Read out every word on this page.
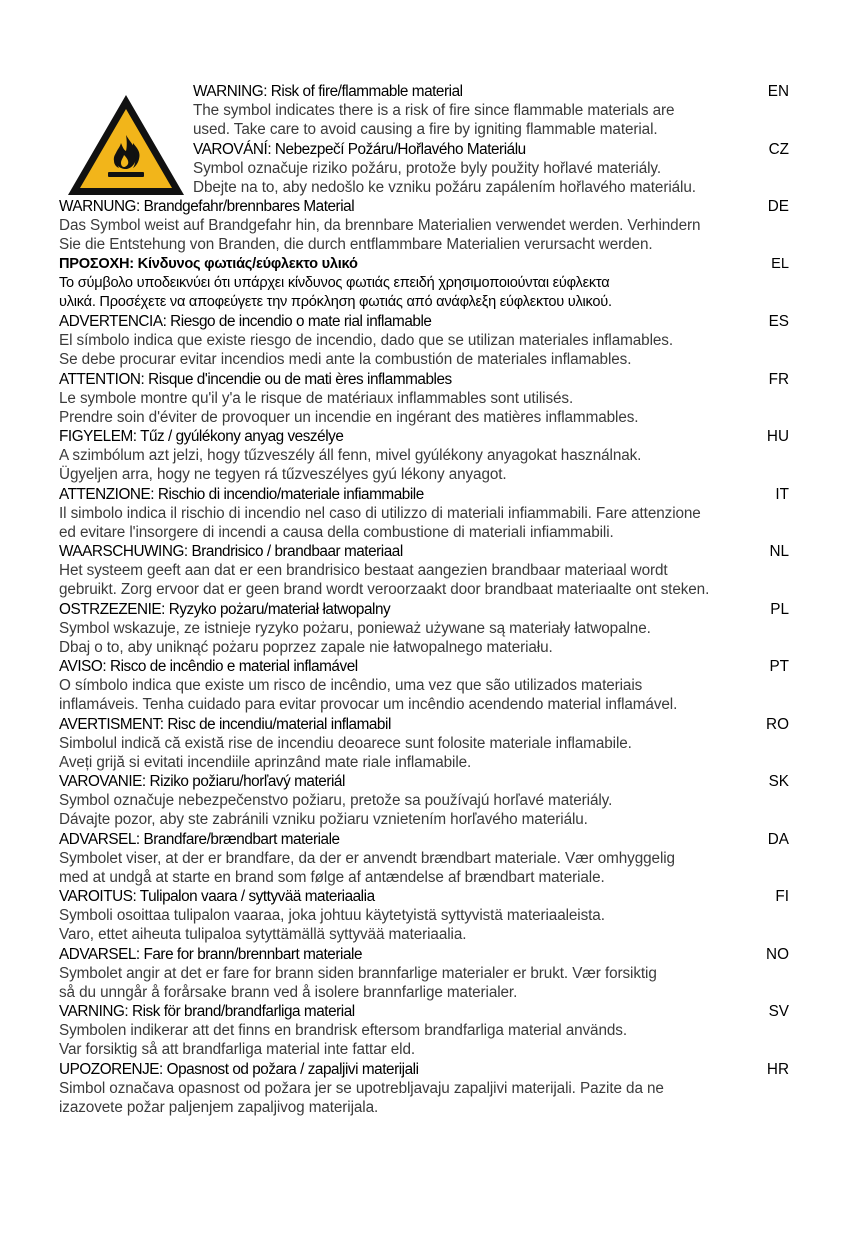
WARNING: Risk of fire/flammable material	EN
The symbol indicates there is a risk of fire since flammable materials are
used. Take care to avoid causing a fire by igniting flammable material.
VAROVÁNÍ: Nebezpečí Požáru/Hořlavého Materiálu	CZ
Symbol označuje riziko požáru, protože byly použity hořlavé materiály.
Dbejte na to, aby nedošlo ke vzniku požáru zapálením hořlavého materiálu.
WARNUNG: Brandgefahr/brennbares Material	DE
Das Symbol weist auf Brandgefahr hin, da brennbare Materialien verwendet werden. Verhindern
Sie die Entstehung von Branden, die durch entflammbare Materialien verursacht werden.
ΠΡΟΣΟΧΗ: Κίνδυνος φωτιάς/εύφλεκτο υλικό	EL
Το σύμβολο υποδεικνύει ότι υπάρχει κίνδυνος φωτιάς επειδή χρησιμοποιούνται εύφλεκτα
υλικά. Προσέχετε να αποφεύγετε την πρόκληση φωτιάς από ανάφλεξη εύφλεκτου υλικού.
ADVERTENCIA: Riesgo de incendio o mate rial inflamable	ES
El símbolo indica que existe riesgo de incendio, dado que se utilizan materiales inflamables.
Se debe procurar evitar incendios medi ante la combustión de materiales inflamables.
ATTENTION: Risque d'incendie ou de mati ères inflammables	FR
Le symbole montre qu'il y'a le risque de matériaux inflammables sont utilisés.
Prendre soin d'éviter de provoquer un incendie en ingérant des matières inflammables.
FIGYELEM: Tűz / gyúlékony anyag veszélye	HU
A szimbólum azt jelzi, hogy tűzveszély áll fenn, mivel gyúlékony anyagokat használnak.
Ügyeljen arra, hogy ne tegyen rá tűzveszélyes gyú lékony anyagot.
ATTENZIONE: Rischio di incendio/materiale infiammabile	IT
Il simbolo indica il rischio di incendio nel caso di utilizzo di materiali infiammabili. Fare attenzione
ed evitare l'insorgere di incendi a causa della combustione di materiali infiammabili.
WAARSCHUWING: Brandrisico / brandbaar materiaal	NL
Het systeem geeft aan dat er een brandrisico bestaat aangezien brandbaar materiaal wordt
gebruikt. Zorg ervoor dat er geen brand wordt veroorzaakt door brandbaat materiaalte ont steken.
OSTRZEZENIE: Ryzyko pożaru/materiał łatwopalny	PL
Symbol wskazuje, ze istnieje ryzyko pożaru, ponieważ używane są materiały łatwopalne.
Dbaj o to, aby uniknąć pożaru poprzez zapale nie łatwopalnego materiału.
AVISO: Risco de incêndio e material inflamável	PT
O símbolo indica que existe um risco de incêndio, uma vez que são utilizados materiais
inflamáveis. Tenha cuidado para evitar provocar um incêndio acendendo material inflamável.
AVERTISMENT: Risc de incendiu/material inflamabil	RO
Simbolul indică că există rise de incendiu deoarece sunt folosite materiale inflamabile.
Aveți grijă si evitati incendiile aprinzând mate riale inflamabile.
VAROVANIE: Riziko požiaru/horľavý materiál	SK
Symbol označuje nebezpečenstvo požiaru, pretože sa používajú horľavé materiály.
Dávajte pozor, aby ste zabránili vzniku požiaru vznietením horľavého materiálu.
ADVARSEL: Brandfare/brændbart materiale	DA
Symbolet viser, at der er brandfare, da der er anvendt brændbart materiale. Vær omhyggelig
med at undgå at starte en brand som følge af antændelse af brændbart materiale.
VAROITUS: Tulipalon vaara / syttyvää materiaalia	FI
Symboli osoittaa tulipalon vaaraa, joka johtuu käytetyistä syttyvistä materiaaleista.
Varo, ettet aiheuta tulipaloa sytyttämällä syttyvää materiaalia.
ADVARSEL: Fare for brann/brennbart materiale	NO
Symbolet angir at det er fare for brann siden brannfarlige materialer er brukt. Vær forsiktig
så du unngår å forårsake brann ved å isolere brannfarlige materialer.
VARNING: Risk för brand/brandfarliga material	SV
Symbolen indikerar att det finns en brandrisk eftersom brandfarliga material används.
Var forsiktig så att brandfarliga material inte fattar eld.
UPOZORENJE: Opasnost od požara / zapaljivi materijali	HR
Simbol označava opasnost od požara jer se upotrebljavaju zapaljivi materijali. Pazite da ne
izazovete požar paljenjem zapaljivog materijala.
